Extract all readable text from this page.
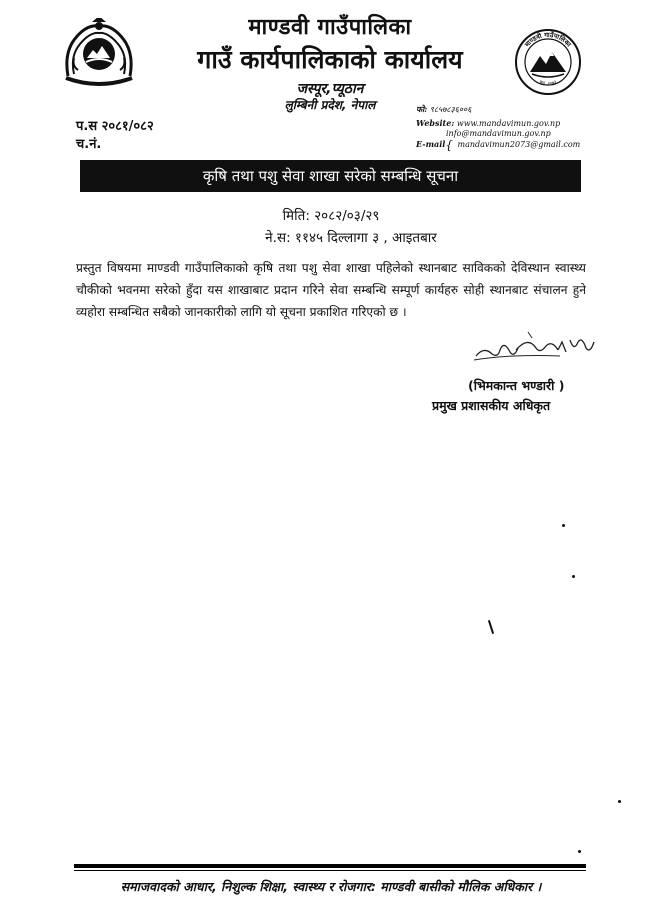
माण्डवी गाउँपालिका
गाउँ कार्यपालिकाको कार्यालय
जस्पूर,प्यूठान
लुम्बिनी प्रदेश, नेपाल
माण्डवी गाउँपालिका
स्था. २०७३
फो: ९८५७८३६००६
Website: www.mandavimun.gov.np
info@mandavimun.gov.np
E-mail{ mandavimun2073@gmail.com
प.स २०८१/०८२
च.नं.
कृषि तथा पशु सेवा शाखा सरेको सम्बन्धि सूचना
मिति: २०८२/०३/२९
ने.स: ११४५ दिल्लागा ३ , आइतबार
प्रस्तुत विषयमा माण्डवी गाउँपालिकाको कृषि तथा पशु सेवा शाखा पहिलेको स्थानबाट साविकको देविस्थान स्वास्थ्य चौकीको भवनमा सरेको हुँदा यस शाखाबाट प्रदान गरिने सेवा सम्बन्धि सम्पूर्ण कार्यहरु सोही स्थानबाट संचालन हुने व्यहोरा सम्बन्धित सबैको जानकारीको लागि यो सूचना प्रकाशित गरिएको छ ।
(भिमकान्त भण्डारी )
प्रमुख प्रशासकीय अधिकृत
समाजवादको आधार, निशुल्क शिक्षा, स्वास्थ्य र रोजगार: माण्डवी बासीको मौलिक अधिकार ।
